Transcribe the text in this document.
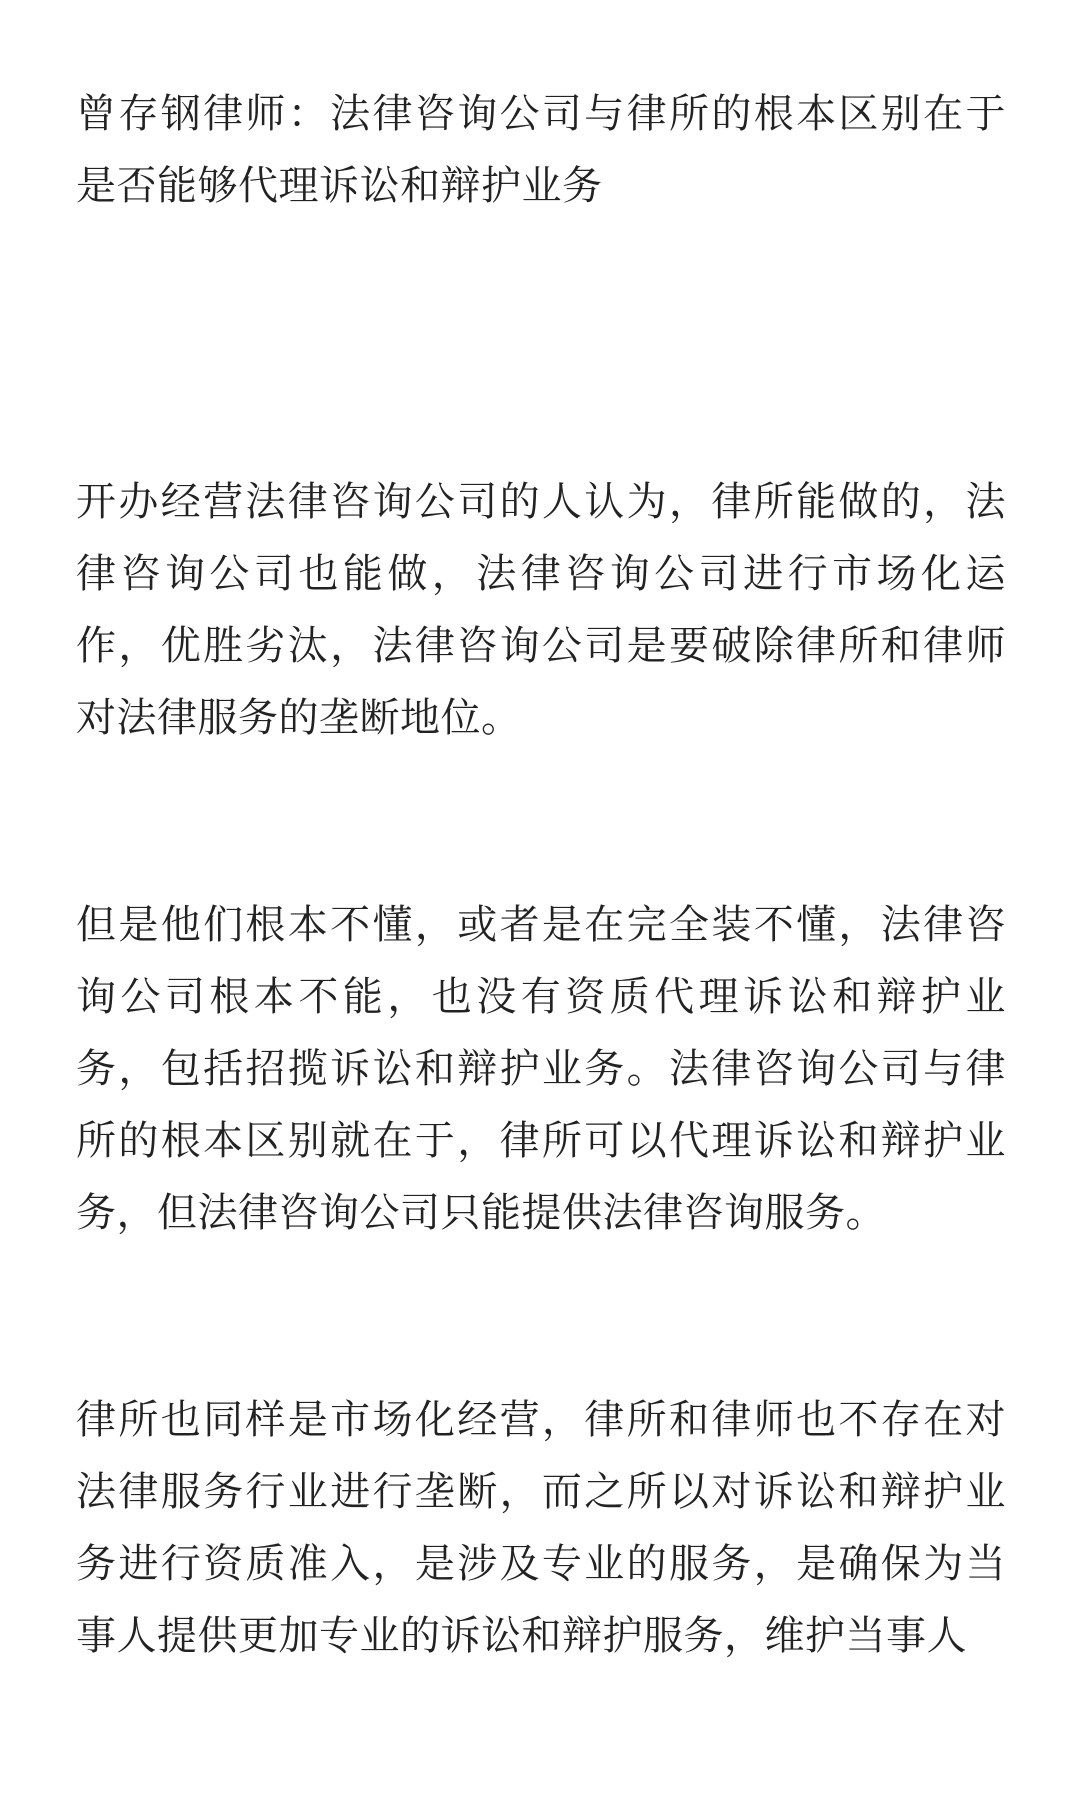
曾存钢律师：法律咨询公司与律所的根本区别在于是否能够代理诉讼和辩护业务

开办经营法律咨询公司的人认为，律所能做的，法律咨询公司也能做，法律咨询公司进行市场化运作，优胜劣汰，法律咨询公司是要破除律所和律师对法律服务的垄断地位。

但是他们根本不懂，或者是在完全装不懂，法律咨询公司根本不能，也没有资质代理诉讼和辩护业务，包括招揽诉讼和辩护业务。法律咨询公司与律所的根本区别就在于，律所可以代理诉讼和辩护业务，但法律咨询公司只能提供法律咨询服务。

律所也同样是市场化经营，律所和律师也不存在对法律服务行业进行垄断，而之所以对诉讼和辩护业务进行资质准入，是涉及专业的服务，是确保为当事人提供更加专业的诉讼和辩护服务，维护当事人
